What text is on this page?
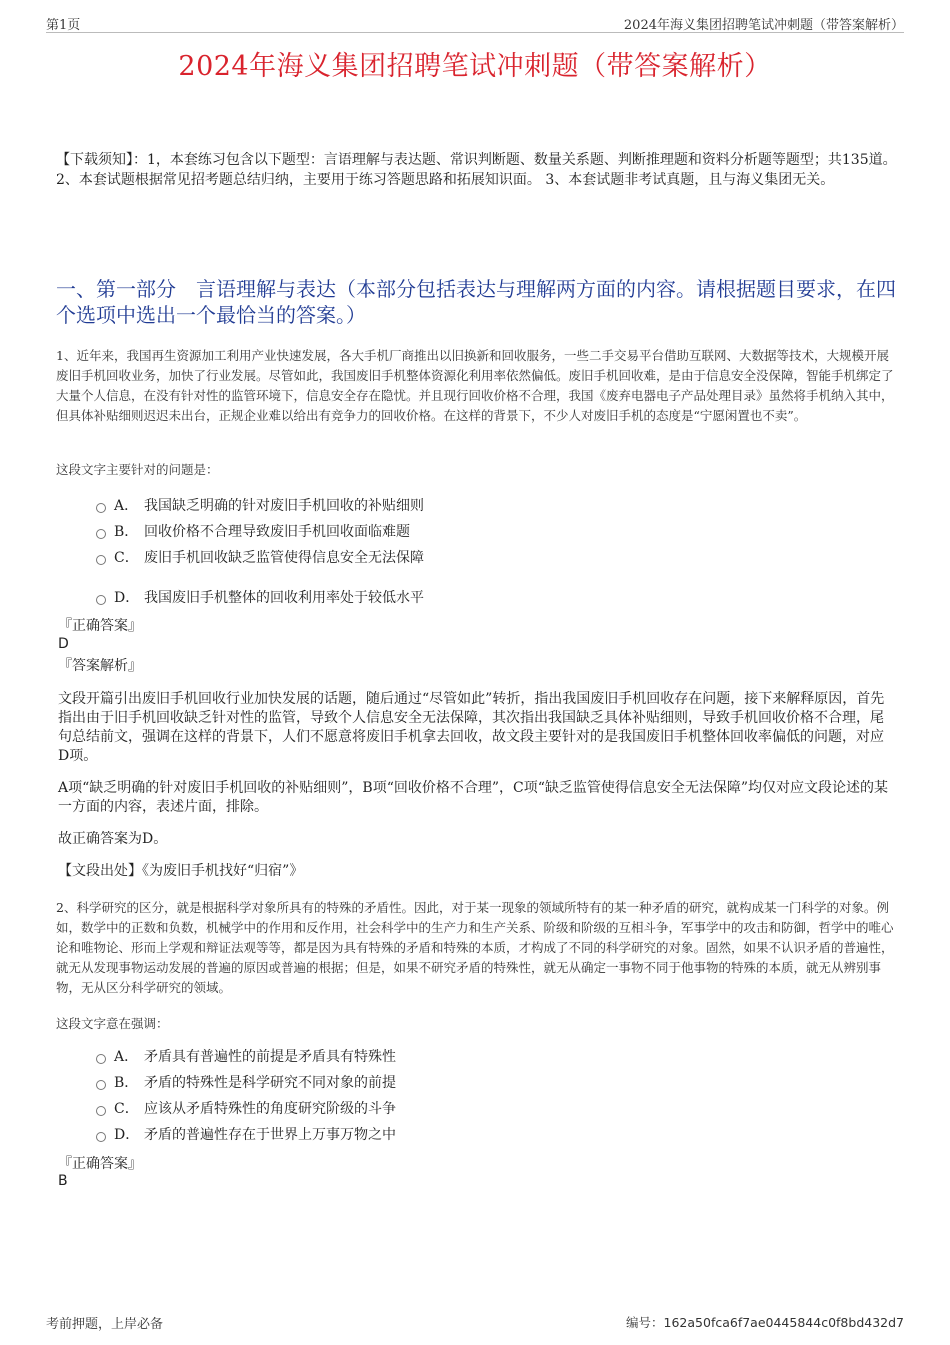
第1页	2024年海义集团招聘笔试冲刺题（带答案解析）
2024年海义集团招聘笔试冲刺题（带答案解析）
【下载须知】：1，本套练习包含以下题型：言语理解与表达题、常识判断题、数量关系题、判断推理题和资料分析题等题型；共135道。 2、本套试题根据常见招考题总结归纳，主要用于练习答题思路和拓展知识面。 3、本套试题非考试真题，且与海义集团无关。
一、第一部分　言语理解与表达（本部分包括表达与理解两方面的内容。请根据题目要求，在四个选项中选出一个最恰当的答案。）
1、近年来，我国再生资源加工利用产业快速发展，各大手机厂商推出以旧换新和回收服务，一些二手交易平台借助互联网、大数据等技术，大规模开展废旧手机回收业务，加快了行业发展。尽管如此，我国废旧手机整体资源化利用率依然偏低。废旧手机回收难，是由于信息安全没保障，智能手机绑定了大量个人信息，在没有针对性的监管环境下，信息安全存在隐忧。并且现行回收价格不合理，我国《废弃电器电子产品处理目录》虽然将手机纳入其中，但具体补贴细则迟迟未出台，正规企业难以给出有竞争力的回收价格。在这样的背景下，不少人对废旧手机的态度是“宁愿闲置也不卖”。
这段文字主要针对的问题是：
A． 我国缺乏明确的针对废旧手机回收的补贴细则
B． 回收价格不合理导致废旧手机回收面临难题
C． 废旧手机回收缺乏监管使得信息安全无法保障
D． 我国废旧手机整体的回收利用率处于较低水平
『正确答案』
D
『答案解析』
文段开篇引出废旧手机回收行业加快发展的话题，随后通过“尽管如此”转折，指出我国废旧手机回收存在问题，接下来解释原因，首先指出由于旧手机回收缺乏针对性的监管，导致个人信息安全无法保障，其次指出我国缺乏具体补贴细则，导致手机回收价格不合理，尾句总结前文，强调在这样的背景下，人们不愿意将废旧手机拿去回收，故文段主要针对的是我国废旧手机整体回收率偏低的问题，对应D项。
A项“缺乏明确的针对废旧手机回收的补贴细则”，B项“回收价格不合理”，C项“缺乏监管使得信息安全无法保障”均仅对应文段论述的某一方面的内容，表述片面，排除。
故正确答案为D。
【文段出处】《为废旧手机找好“归宿”》
2、科学研究的区分，就是根据科学对象所具有的特殊的矛盾性。因此，对于某一现象的领域所特有的某一种矛盾的研究，就构成某一门科学的对象。例如，数学中的正数和负数，机械学中的作用和反作用，社会科学中的生产力和生产关系、阶级和阶级的互相斗争，军事学中的攻击和防御，哲学中的唯心论和唯物论、形而上学观和辩证法观等等，都是因为具有特殊的矛盾和特殊的本质，才构成了不同的科学研究的对象。固然，如果不认识矛盾的普遍性，就无从发现事物运动发展的普遍的原因或普遍的根据；但是，如果不研究矛盾的特殊性，就无从确定一事物不同于他事物的特殊的本质，就无从辨别事物，无从区分科学研究的领域。
这段文字意在强调：
A． 矛盾具有普遍性的前提是矛盾具有特殊性
B． 矛盾的特殊性是科学研究不同对象的前提
C． 应该从矛盾特殊性的角度研究阶级的斗争
D． 矛盾的普遍性存在于世界上万事万物之中
『正确答案』
B
考前押题，上岸必备	编号：162a50fca6f7ae0445844c0f8bd432d7
